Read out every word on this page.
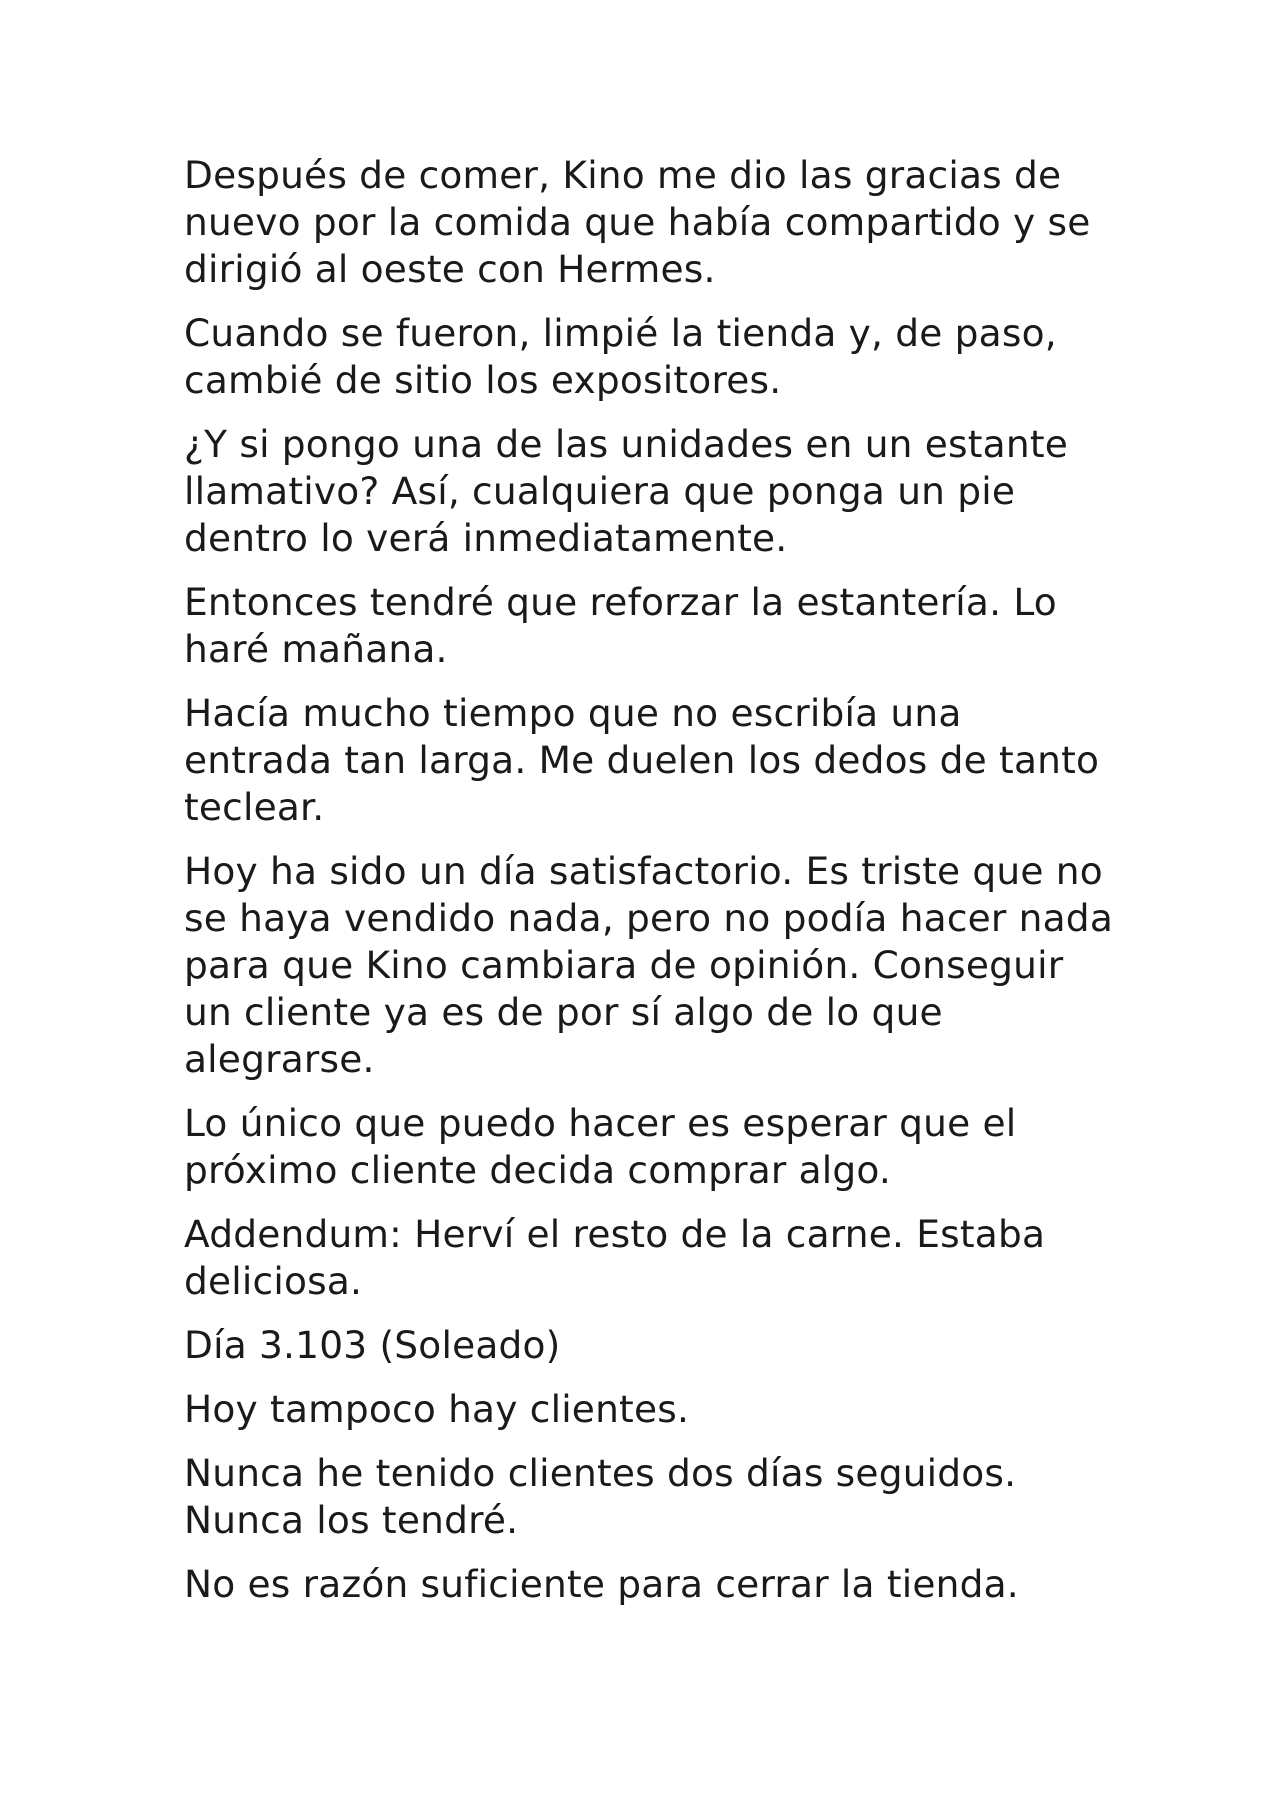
Después de comer, Kino me dio las gracias de nuevo por la comida que había compartido y se dirigió al oeste con Hermes.

Cuando se fueron, limpié la tienda y, de paso, cambié de sitio los expositores.

¿Y si pongo una de las unidades en un estante llamativo? Así, cualquiera que ponga un pie dentro lo verá inmediatamente.

Entonces tendré que reforzar la estantería. Lo haré mañana.

Hacía mucho tiempo que no escribía una entrada tan larga. Me duelen los dedos de tanto teclear.

Hoy ha sido un día satisfactorio. Es triste que no se haya vendido nada, pero no podía hacer nada para que Kino cambiara de opinión. Conseguir un cliente ya es de por sí algo de lo que alegrarse.

Lo único que puedo hacer es esperar que el próximo cliente decida comprar algo.

Addendum: Herví el resto de la carne. Estaba deliciosa.

Día 3.103 (Soleado)

Hoy tampoco hay clientes.

Nunca he tenido clientes dos días seguidos. Nunca los tendré.

No es razón suficiente para cerrar la tienda.
